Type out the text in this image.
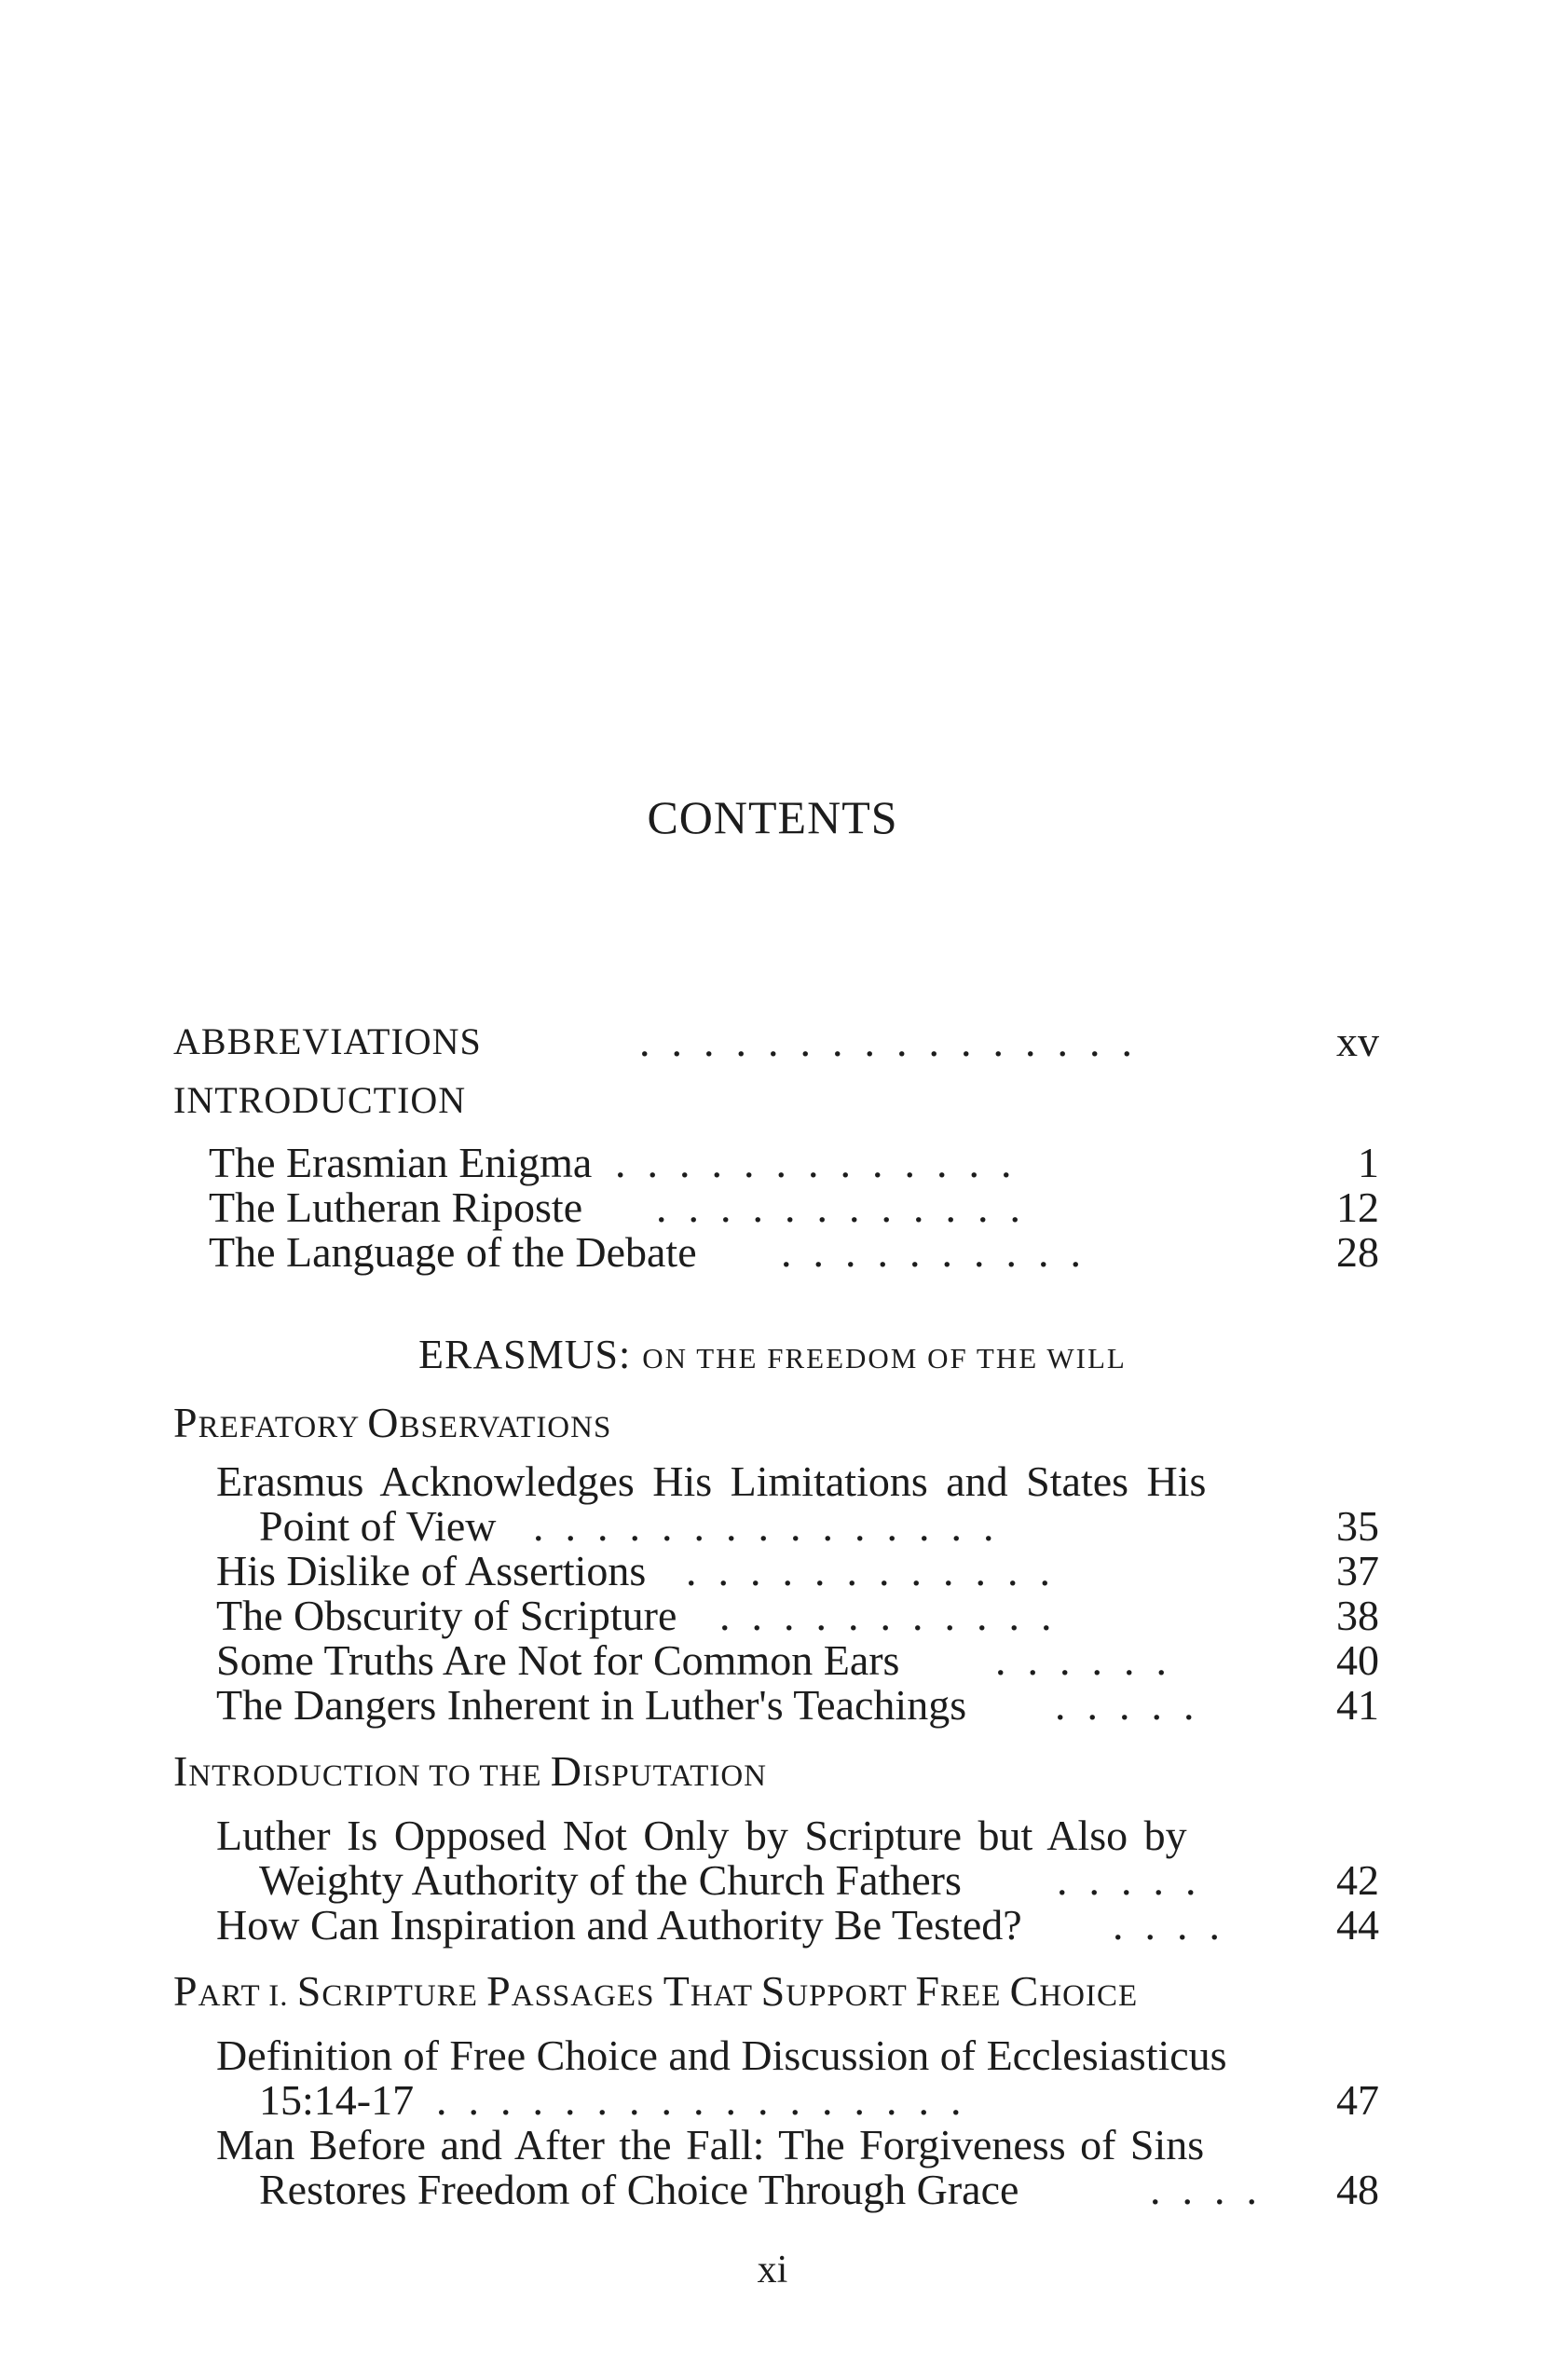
CONTENTS
ABBREVIATIONS	.  .  .  .  .  .  .  .  .  .  .  .  .  .  .  .	xv
INTRODUCTION
The Erasmian Enigma .  .  .  .  .  .  .  .  .  .  .  .  .	1
The Lutheran Riposte .  .  .  .  .  .  .  .  .  .  .  .	12
The Language of the Debate .  .  .  .  .  .  .  .  .  .	28
ERASMUS: ON THE FREEDOM OF THE WILL
PREFATORY OBSERVATIONS
Erasmus Acknowledges His Limitations and States His
Point of View .  .  .  .  .  .  .  .  .  .  .  .  .  .  .	35
His Dislike of Assertions .  .  .  .  .  .  .  .  .  .  .  .	37
The Obscurity of Scripture .  .  .  .  .  .  .  .  .  .  .	38
Some Truths Are Not for Common Ears .  .  .  .  .  .	40
The Dangers Inherent in Luther's Teachings .  .  .  .  .	41
INTRODUCTION TO THE DISPUTATION
Luther Is Opposed Not Only by Scripture but Also by
Weighty Authority of the Church Fathers .  .  .  .  .	42
How Can Inspiration and Authority Be Tested? .  .  .  .	44
PART I. SCRIPTURE PASSAGES THAT SUPPORT FREE CHOICE
Definition of Free Choice and Discussion of Ecclesiasticus
15:14-17 .  .  .  .  .  .  .  .  .  .  .  .  .  .  .  .  .	47
Man Before and After the Fall: The Forgiveness of Sins
Restores Freedom of Choice Through Grace	.  .  .  . 48
xi
